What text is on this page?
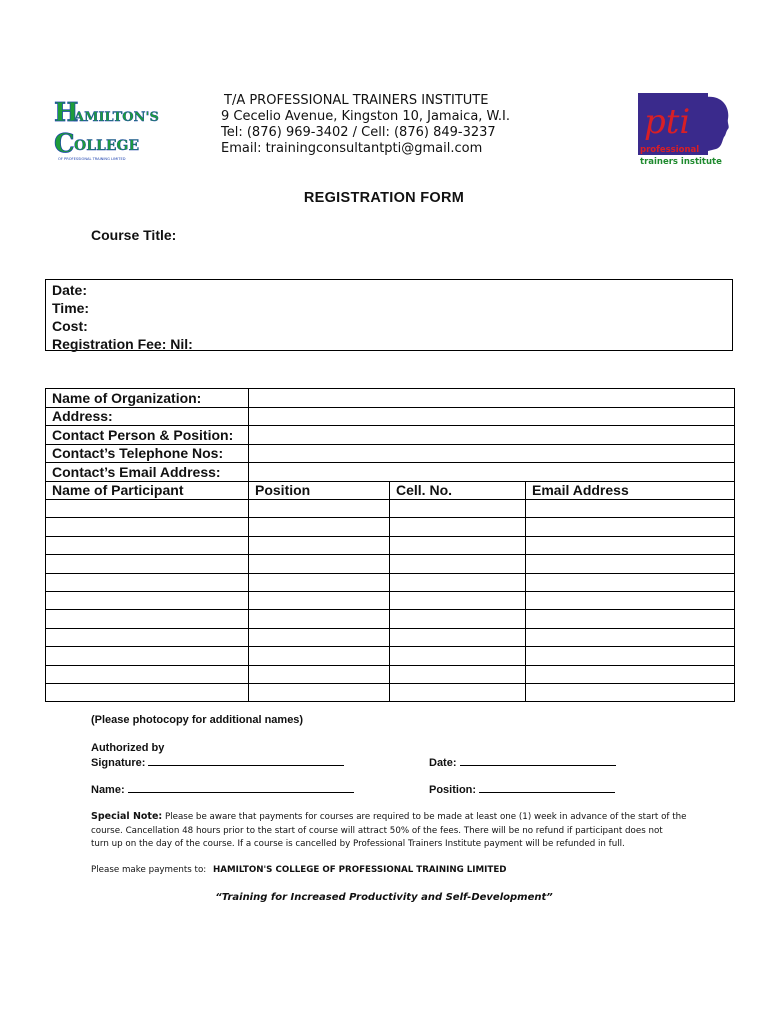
H
AMILTON'S
C OLLEGE
OF PROFESSIONAL TRAINING LIMITED
T/A PROFESSIONAL TRAINERS INSTITUTE
9 Cecelio Avenue, Kingston 10, Jamaica, W.I.
Tel: (876) 969-3402 / Cell: (876) 849-3237
Email: trainingconsultantpti@gmail.com
pti
professional
trainers institute
REGISTRATION FORM
Course Title:
Date:
Time:
Cost:
Registration Fee: Nil:
Name of Organization:			
Address:			
Contact Person & Position:			
Contact’s Telephone Nos:			
Contact’s Email Address:			
Name of Participant	Position	Cell. No.	Email Address

(Please photocopy for additional names)
Authorized by
Signature:	Date:
Name:	Position:
Special Note: Please be aware that payments for courses are required to be made at least one (1) week in advance of the start of the
course. Cancellation 48 hours prior to the start of course will attract 50% of the fees. There will be no refund if participant does not
turn up on the day of the course. If a course is cancelled by Professional Trainers Institute payment will be refunded in full.
Please make payments to: HAMILTON'S COLLEGE OF PROFESSIONAL TRAINING LIMITED
“Training for Increased Productivity and Self-Development”
